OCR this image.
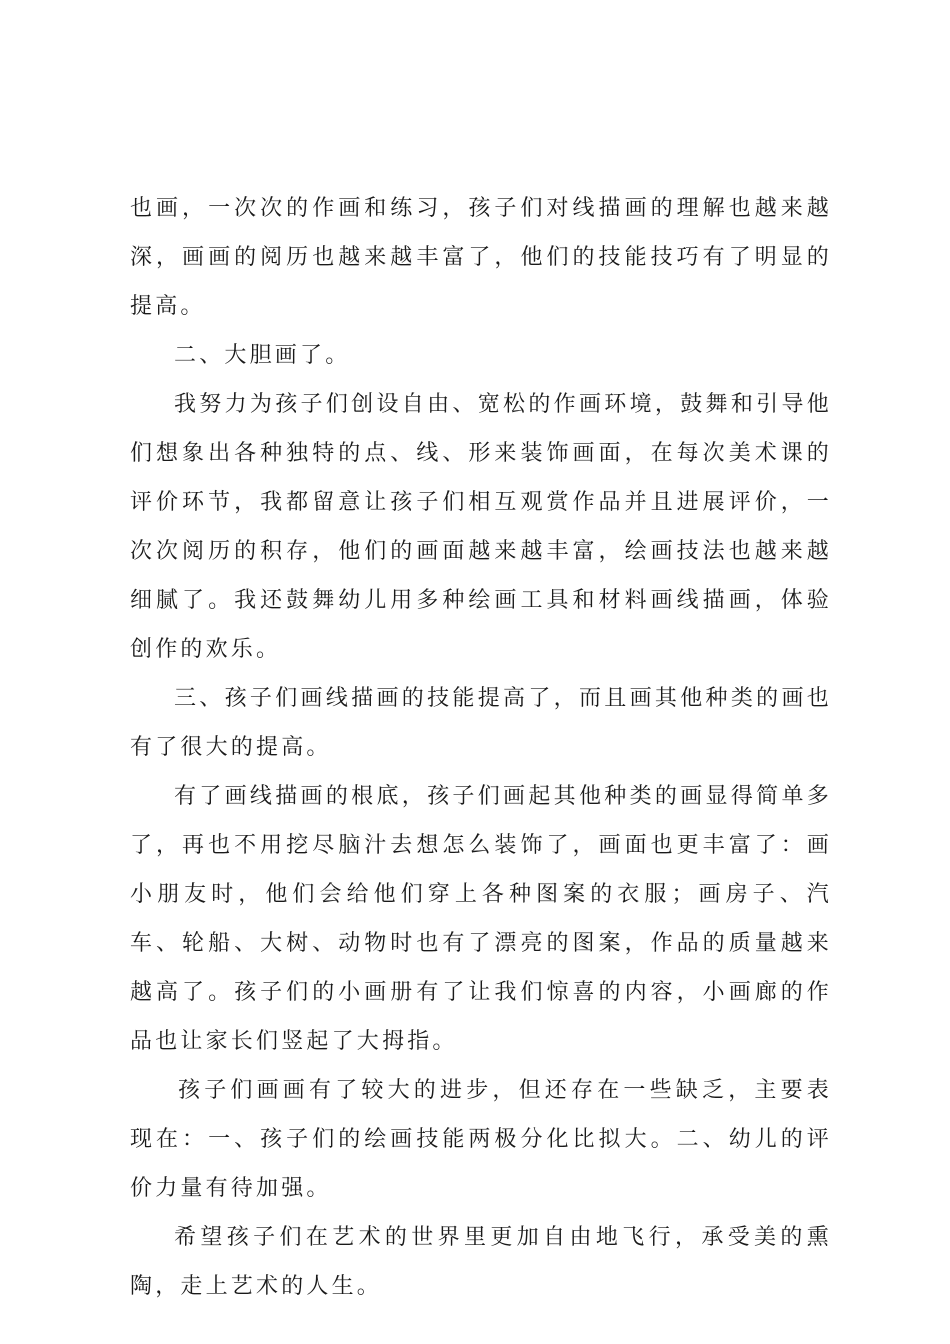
也画，一次次的作画和练习，孩子们对线描画的理解也越来越深，画画的阅历也越来越丰富了，他们的技能技巧有了明显的提高。

二、大胆画了。

我努力为孩子们创设自由、宽松的作画环境，鼓舞和引导他们想象出各种独特的点、线、形来装饰画面，在每次美术课的评价环节，我都留意让孩子们相互观赏作品并且进展评价，一次次阅历的积存，他们的画面越来越丰富，绘画技法也越来越细腻了。我还鼓舞幼儿用多种绘画工具和材料画线描画，体验创作的欢乐。

三、孩子们画线描画的技能提高了，而且画其他种类的画也有了很大的提高。

有了画线描画的根底，孩子们画起其他种类的画显得简单多了，再也不用挖尽脑汁去想怎么装饰了，画面也更丰富了：画小朋友时，他们会给他们穿上各种图案的衣服；画房子、汽车、轮船、大树、动物时也有了漂亮的图案，作品的质量越来越高了。孩子们的小画册有了让我们惊喜的内容，小画廊的作品也让家长们竖起了大拇指。

孩子们画画有了较大的进步，但还存在一些缺乏，主要表现在：一、孩子们的绘画技能两极分化比拟大。二、幼儿的评价力量有待加强。

希望孩子们在艺术的世界里更加自由地飞行，承受美的熏陶，走上艺术的人生。
